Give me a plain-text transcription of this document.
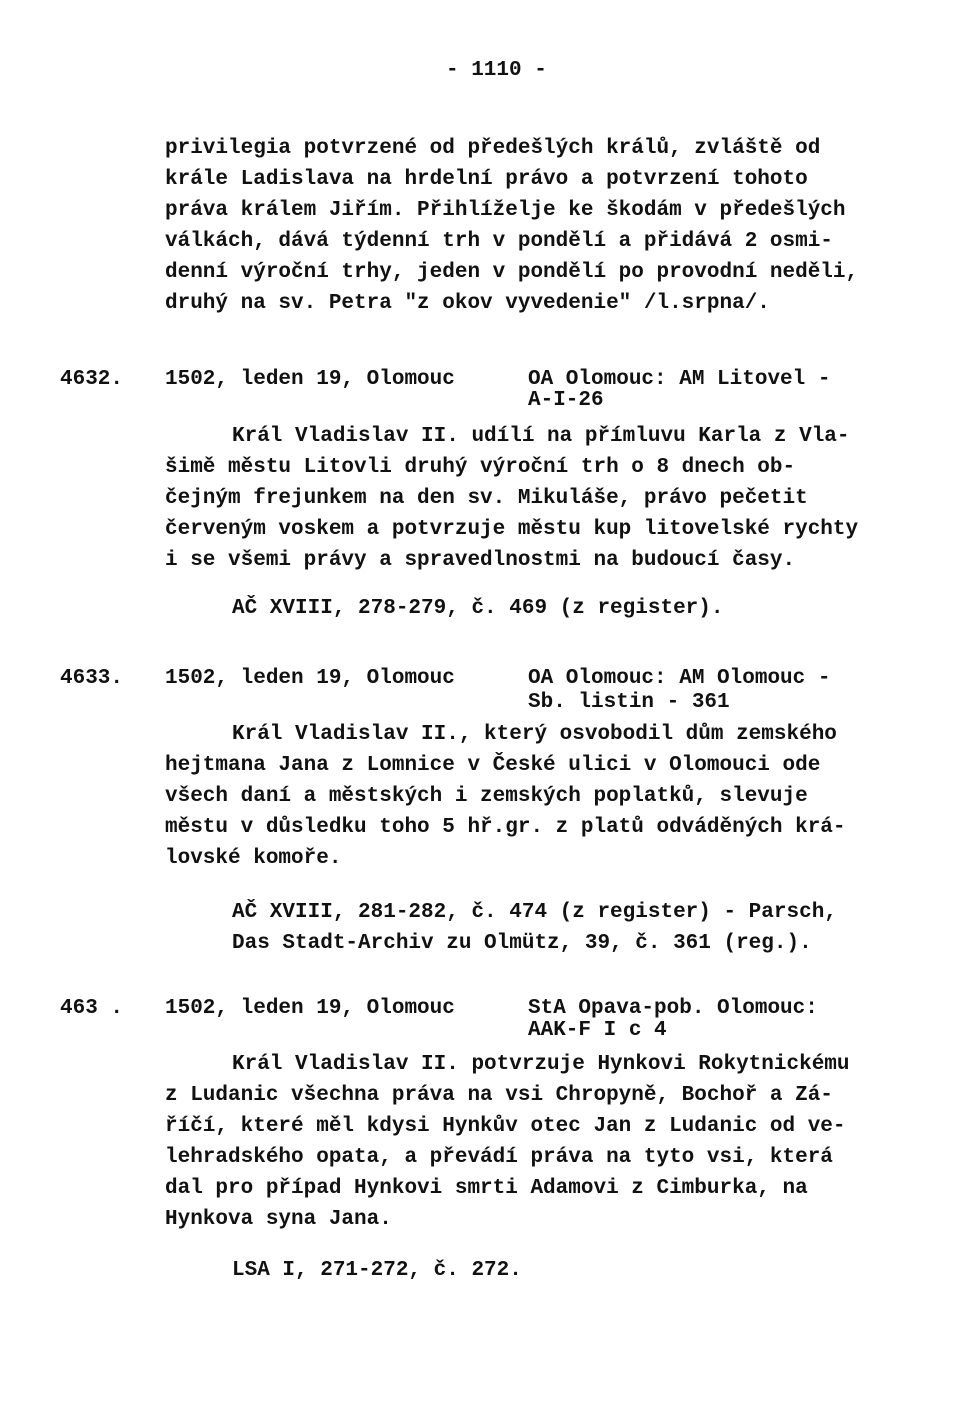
- 1110 -
privilegia potvrzené od předešlých králů, zvláště od
krále Ladislava na hrdelní právo a potvrzení tohoto
práva králem Jiřím. Přihlíželje ke škodám v předešlých
válkách, dává týdenní trh v pondělí a přidává 2 osmi-
denní výroční trhy, jeden v pondělí po provodní neděli,
druhý na sv. Petra "z okov vyvedenie" /l.srpna/.
4632. 1502, leden 19, Olomouc	OA Olomouc: AM Litovel -
A-I-26
Král Vladislav II. udílí na přímluvu Karla z Vla-
šimě městu Litovli druhý výroční trh o 8 dnech ob-
čejným frejunkem na den sv. Mikuláše, právo pečetit
červeným voskem a potvrzuje městu kup litovelské rychty
i se všemi právy a spravedlnostmi na budoucí časy.
AČ XVIII, 278-279, č. 469 (z register).
4633. 1502, leden 19, Olomouc	OA Olomouc: AM Olomouc -
Sb. listin - 361
Král Vladislav II., který osvobodil dům zemského
hejtmana Jana z Lomnice v České ulici v Olomouci ode
všech daní a městských i zemských poplatků, slevuje
městu v důsledku toho 5 hř.gr. z platů odváděných krá-
lovské komoře.
AČ XVIII, 281-282, č. 474 (z register) - Parsch,
Das Stadt-Archiv zu Olmütz, 39, č. 361 (reg.).
463 . 1502, leden 19, Olomouc	StA Opava-pob. Olomouc:
AAK-F I c 4
Král Vladislav II. potvrzuje Hynkovi Rokytnickému
z Ludanic všechna práva na vsi Chropyně, Bochoř a Zá-
říčí, které měl kdysi Hynkův otec Jan z Ludanic od ve-
lehradského opata, a převádí práva na tyto vsi, která
dal pro případ Hynkovi smrti Adamovi z Cimburka, na
Hynkova syna Jana.
LSA I, 271-272, č. 272.
